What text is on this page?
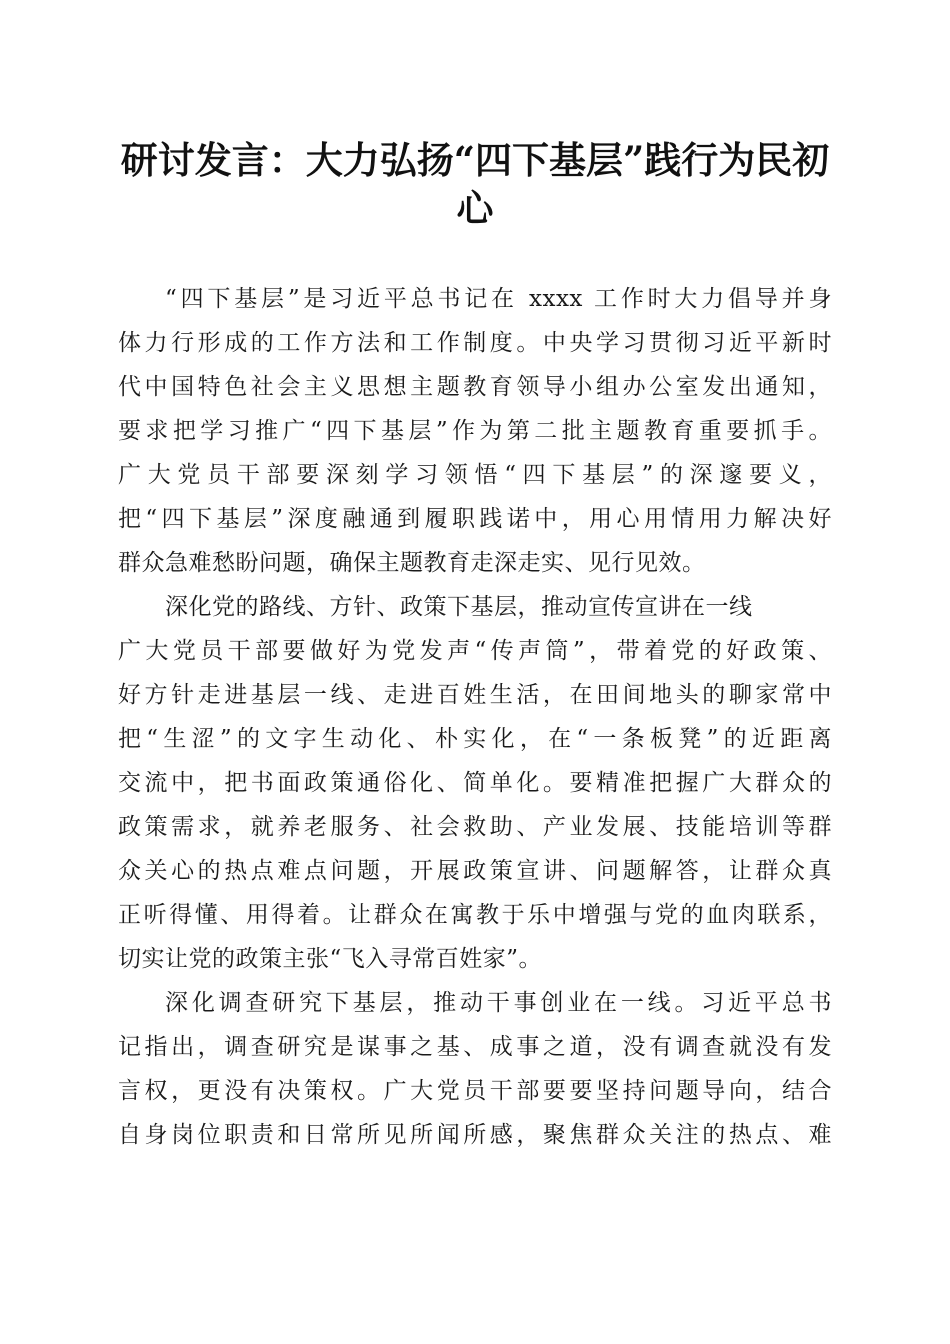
研讨发言：大力弘扬“四下基层”践行为民初
心
“四下基层”是习近平总书记在 xxxx 工作时大力倡导并身
体力行形成的工作方法和工作制度。中央学习贯彻习近平新时
代中国特色社会主义思想主题教育领导小组办公室发出通知，
要求把学习推广“四下基层”作为第二批主题教育重要抓手。
广大党员干部要深刻学习领悟“四下基层”的深邃要义，
把“四下基层”深度融通到履职践诺中，用心用情用力解决好
群众急难愁盼问题，确保主题教育走深走实、见行见效。
深化党的路线、方针、政策下基层，推动宣传宣讲在一线
广大党员干部要做好为党发声“传声筒”，带着党的好政策、
好方针走进基层一线、走进百姓生活，在田间地头的聊家常中
把“生涩”的文字生动化、朴实化，在“一条板凳”的近距离
交流中，把书面政策通俗化、简单化。要精准把握广大群众的
政策需求，就养老服务、社会救助、产业发展、技能培训等群
众关心的热点难点问题，开展政策宣讲、问题解答，让群众真
正听得懂、用得着。让群众在寓教于乐中增强与党的血肉联系，
切实让党的政策主张“飞入寻常百姓家”。
深化调查研究下基层，推动干事创业在一线。习近平总书
记指出，调查研究是谋事之基、成事之道，没有调查就没有发
言权，更没有决策权。广大党员干部要要坚持问题导向，结合
自身岗位职责和日常所见所闻所感，聚焦群众关注的热点、难
